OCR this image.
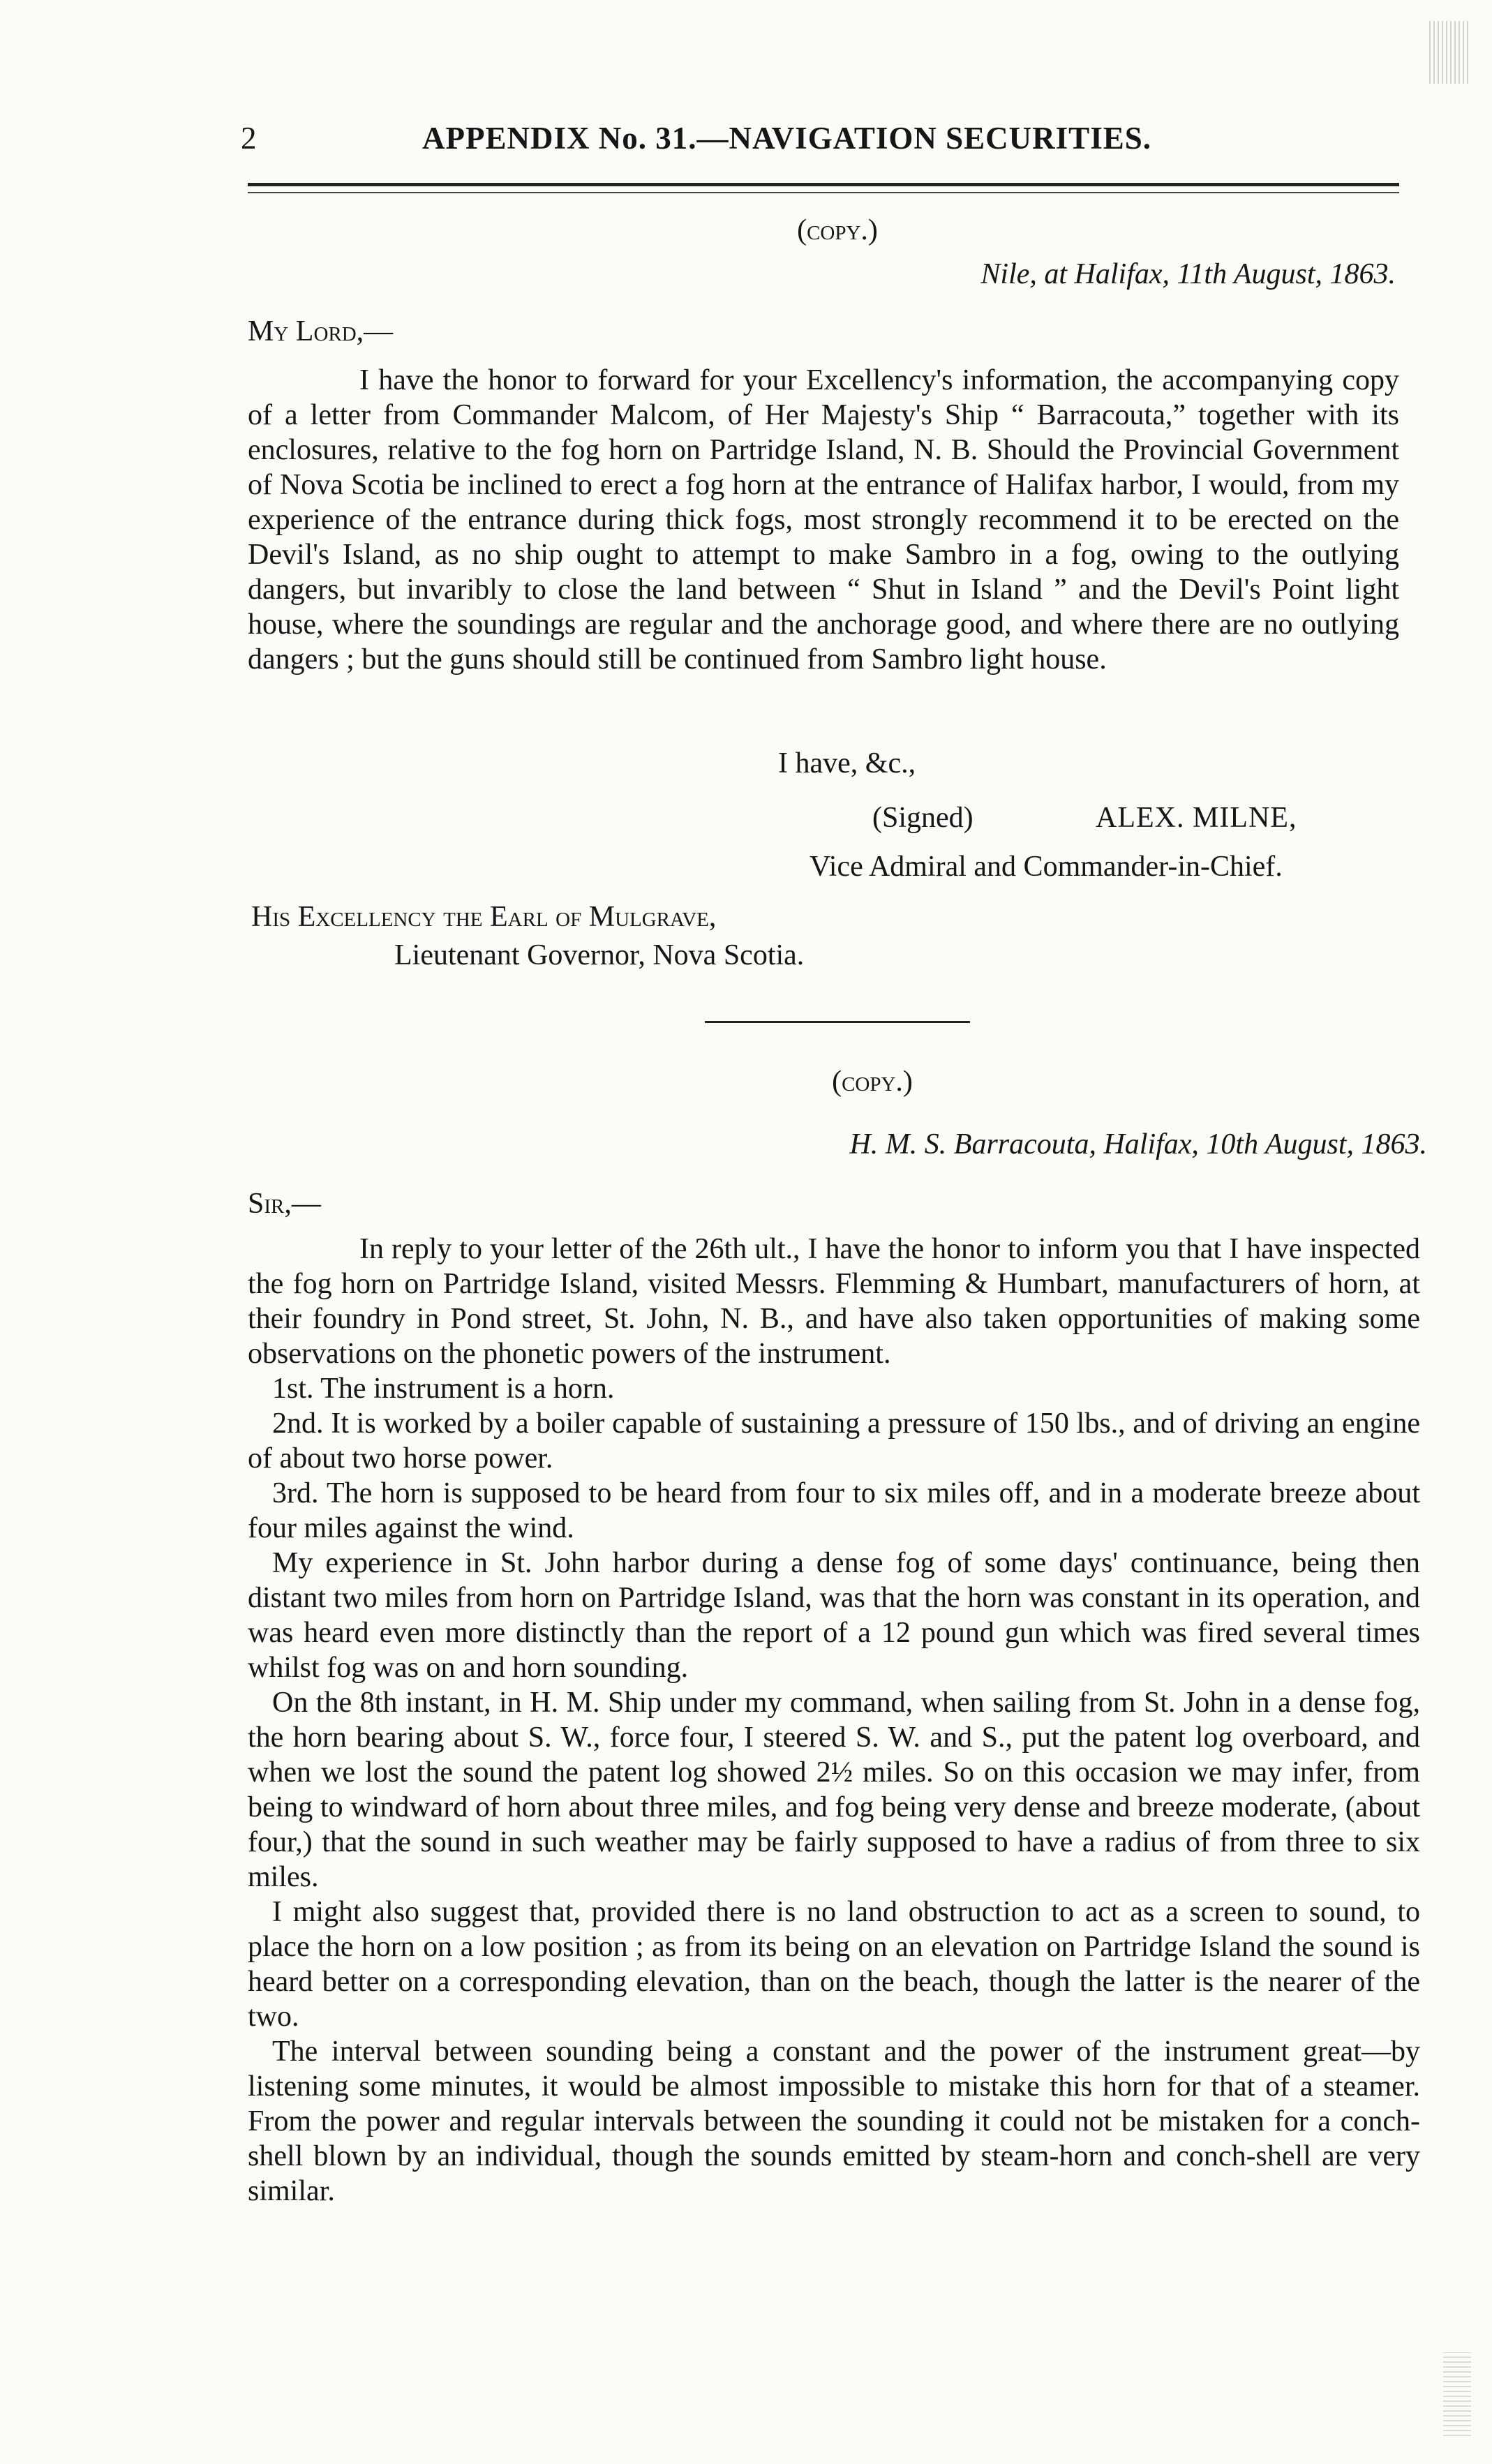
2	APPENDIX No. 31.—NAVIGATION SECURITIES.
(copy.)
Nile, at Halifax, 11th August, 1863.
My Lord,—
I have the honor to forward for your Excellency's information, the accompanying copy of a letter from Commander Malcom, of Her Majesty's Ship “ Barracouta,” together with its enclosures, relative to the fog horn on Partridge Island, N. B. Should the Provincial Government of Nova Scotia be inclined to erect a fog horn at the entrance of Halifax harbor, I would, from my experience of the entrance during thick fogs, most strongly recommend it to be erected on the Devil's Island, as no ship ought to attempt to make Sambro in a fog, owing to the outlying dangers, but invaribly to close the land between “ Shut in Island ” and the Devil's Point light house, where the soundings are regular and the anchorage good, and where there are no outlying dangers ; but the guns should still be continued from Sambro light house.
I have, &c.,
(Signed)	ALEX. MILNE,
Vice Admiral and Commander-in-Chief.
His Excellency the Earl of Mulgrave,
Lieutenant Governor, Nova Scotia.
(copy.)
H. M. S. Barracouta, Halifax, 10th August, 1863.
Sir,—

In reply to your letter of the 26th ult., I have the honor to inform you that I have inspected the fog horn on Partridge Island, visited Messrs. Flemming & Humbart, manufacturers of horn, at their foundry in Pond street, St. John, N. B., and have also taken opportunities of making some observations on the phonetic powers of the instrument.

1st. The instrument is a horn.

2nd. It is worked by a boiler capable of sustaining a pressure of 150 lbs., and of driving an engine of about two horse power.

3rd. The horn is supposed to be heard from four to six miles off, and in a moderate breeze about four miles against the wind.

My experience in St. John harbor during a dense fog of some days' continuance, being then distant two miles from horn on Partridge Island, was that the horn was constant in its operation, and was heard even more distinctly than the report of a 12 pound gun which was fired several times whilst fog was on and horn sounding.

On the 8th instant, in H. M. Ship under my command, when sailing from St. John in a dense fog, the horn bearing about S. W., force four, I steered S. W. and S., put the patent log overboard, and when we lost the sound the patent log showed 2½ miles. So on this occasion we may infer, from being to windward of horn about three miles, and fog being very dense and breeze moderate, (about four,) that the sound in such weather may be fairly supposed to have a radius of from three to six miles.

I might also suggest that, provided there is no land obstruction to act as a screen to sound, to place the horn on a low position ; as from its being on an elevation on Partridge Island the sound is heard better on a corresponding elevation, than on the beach, though the latter is the nearer of the two.

The interval between sounding being a constant and the power of the instrument great—by listening some minutes, it would be almost impossible to mistake this horn for that of a steamer. From the power and regular intervals between the sounding it could not be mistaken for a conch-shell blown by an individual, though the sounds emitted by steam-horn and conch-shell are very similar.
